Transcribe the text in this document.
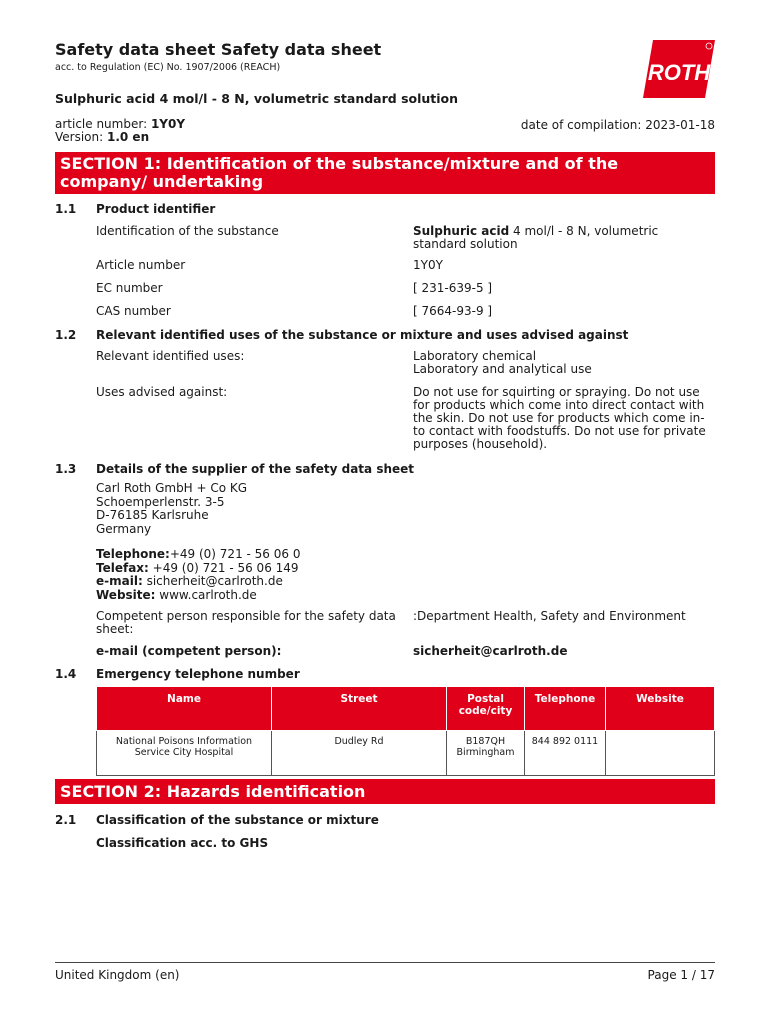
Safety data sheet Safety data sheet
acc. to Regulation (EC) No. 1907/2006 (REACH)	ROTH
Sulphuric acid 4 mol/l - 8 N, volumetric standard solution
article number: 1Y0Y
Version: 1.0 en
date of compilation: 2023-01-18
SECTION 1: Identification of the substance/mixture and of the company/ undertaking
1.1 Product identifier
Identification of the substance	Sulphuric acid 4 mol/l - 8 N, volumetric standard solution
Article number	1Y0Y
EC number	[ 231-639-5 ]
CAS number	[ 7664-93-9 ]
1.2 Relevant identified uses of the substance or mixture and uses advised against
Relevant identified uses:	Laboratory chemical
Laboratory and analytical use
Uses advised against:	Do not use for squirting or spraying. Do not use for products which come into direct contact with the skin. Do not use for products which come in- to contact with foodstuffs. Do not use for private purposes (household).
1.3 Details of the supplier of the safety data sheet
Carl Roth GmbH + Co KG
Schoemperlenstr. 3-5
D-76185 Karlsruhe
Germany
Telephone:+49 (0) 721 - 56 06 0
Telefax: +49 (0) 721 - 56 06 149
e-mail: sicherheit@carlroth.de
Website: www.carlroth.de
Competent person responsible for the safety data sheet:
:Department Health, Safety and Environment
e-mail (competent person):	sicherheit@carlroth.de
1.4 Emergency telephone number
Name	Street	Postal code/city	Telephone	Website
National Poisons Information Service City Hospital	Dudley Rd	B187QH Birmingham	844 892 0111	
SECTION 2: Hazards identification
2.1 Classification of the substance or mixture
Classification acc. to GHS
United Kingdom (en)	Page 1 / 17
